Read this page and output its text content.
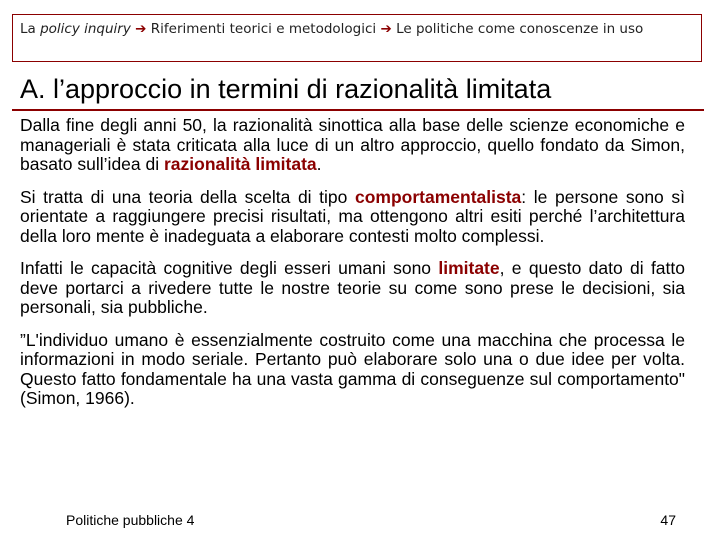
La policy inquiry ➔ Riferimenti teorici e metodologici ➔ Le politiche come conoscenze in uso
A. l’approccio in termini di razionalità limitata

Dalla fine degli anni 50, la razionalità sinottica alla base delle scienze economiche e manageriali è stata criticata alla luce di un altro approccio, quello fondato da Simon, basato sull’idea di razionalità limitata.

Si tratta di una teoria della scelta di tipo comportamentalista: le persone sono sì orientate a raggiungere precisi risultati, ma ottengono altri esiti perché l’architettura della loro mente è inadeguata a elaborare contesti molto complessi.

Infatti le capacità cognitive degli esseri umani sono limitate, e questo dato di fatto deve portarci a rivedere tutte le nostre teorie su come sono prese le decisioni, sia personali, sia pubbliche.

”L'individuo umano è essenzialmente costruito come una macchina che processa le informazioni in modo seriale. Pertanto può elaborare solo una o due idee per volta. Questo fatto fondamentale ha una vasta gamma di conseguenze sul comportamento" (Simon, 1966).

Politiche pubbliche 4	47
